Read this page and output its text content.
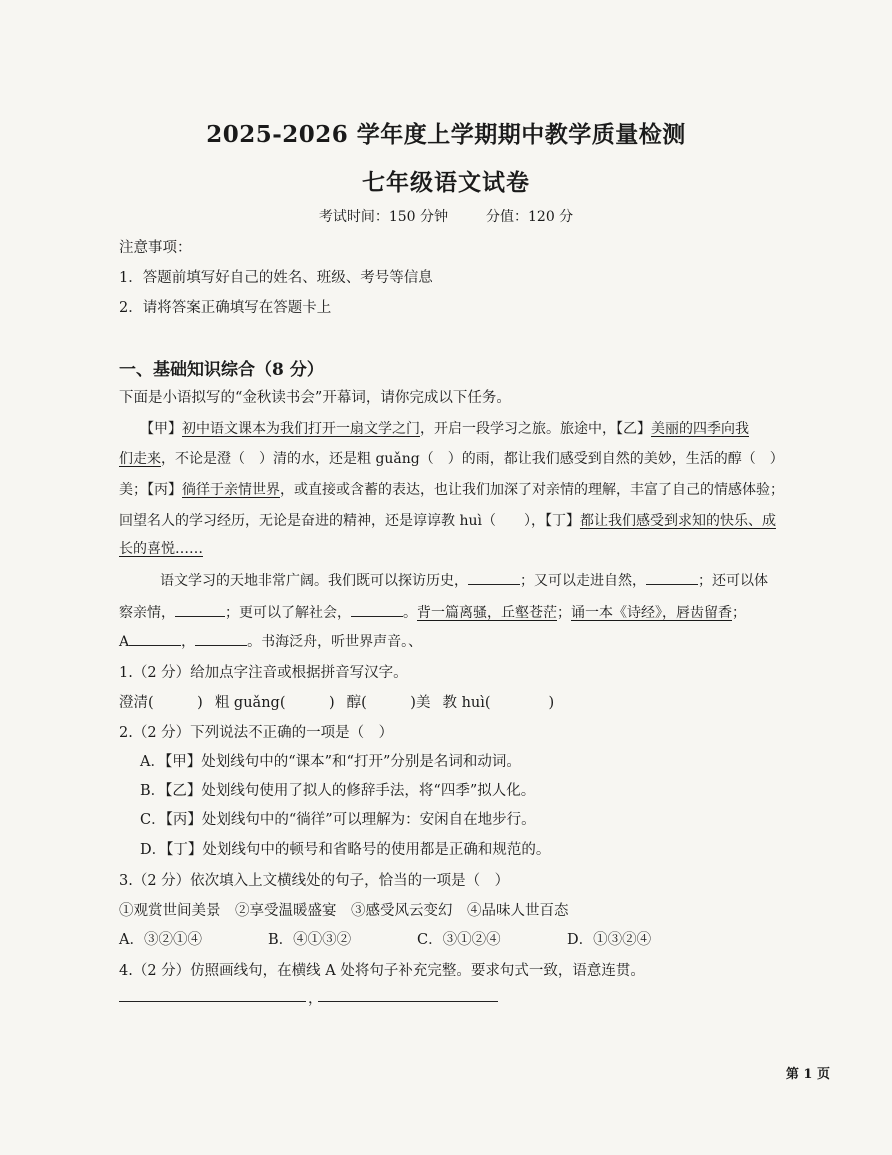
2025-2026 学年度上学期期中教学质量检测
七年级语文试卷
考试时间：150 分钟	分值：120 分
注意事项：
1．答题前填写好自己的姓名、班级、考号等信息
2．请将答案正确填写在答题卡上
一、基础知识综合（8 分）
下面是小语拟写的“金秋读书会”开幕词，请你完成以下任务。
【甲】初中语文课本为我们打开一扇文学之门，开启一段学习之旅。旅途中，【乙】美丽的四季向我
们走来，不论是澄（　）清的水，还是粗 guǎng（　）的雨，都让我们感受到自然的美妙，生活的醇（　）
美；【丙】徜徉于亲情世界，或直接或含蓄的表达，也让我们加深了对亲情的理解，丰富了自己的情感体验；
回望名人的学习经历，无论是奋进的精神，还是谆谆教 huì（　　），【丁】都让我们感受到求知的快乐、成
长的喜悦……
语文学习的天地非常广阔。我们既可以探访历史，	；又可以走进自然，	；还可以体
察亲情，	；更可以了解社会，	。背一篇离骚，丘壑苍茫；诵一本《诗经》，唇齿留香；
A	，	。书海泛舟，听世界声音。、
1.（2 分）给加点字注音或根据拼音写汉字。
澄清(　　　) 粗 guǎng(　　　) 醇(　　　)美 教 huì(　　　　)
2.（2 分）下列说法不正确的一项是（　）
A．【甲】处划线句中的“课本”和“打开”分别是名词和动词。
B．【乙】处划线句使用了拟人的修辞手法，将“四季”拟人化。
C．【丙】处划线句中的“徜徉”可以理解为：安闲自在地步行。
D．【丁】处划线句中的顿号和省略号的使用都是正确和规范的。
3.（2 分）依次填入上文横线处的句子，恰当的一项是（　）
①观赏世间美景　②享受温暖盛宴　③感受风云变幻　④品味人世百态
A．③②①④	B．④①③②	C．③①②④	D．①③②④
4.（2 分）仿照画线句，在横线 A 处将句子补充完整。要求句式一致，语意连贯。
，
第 1 页
